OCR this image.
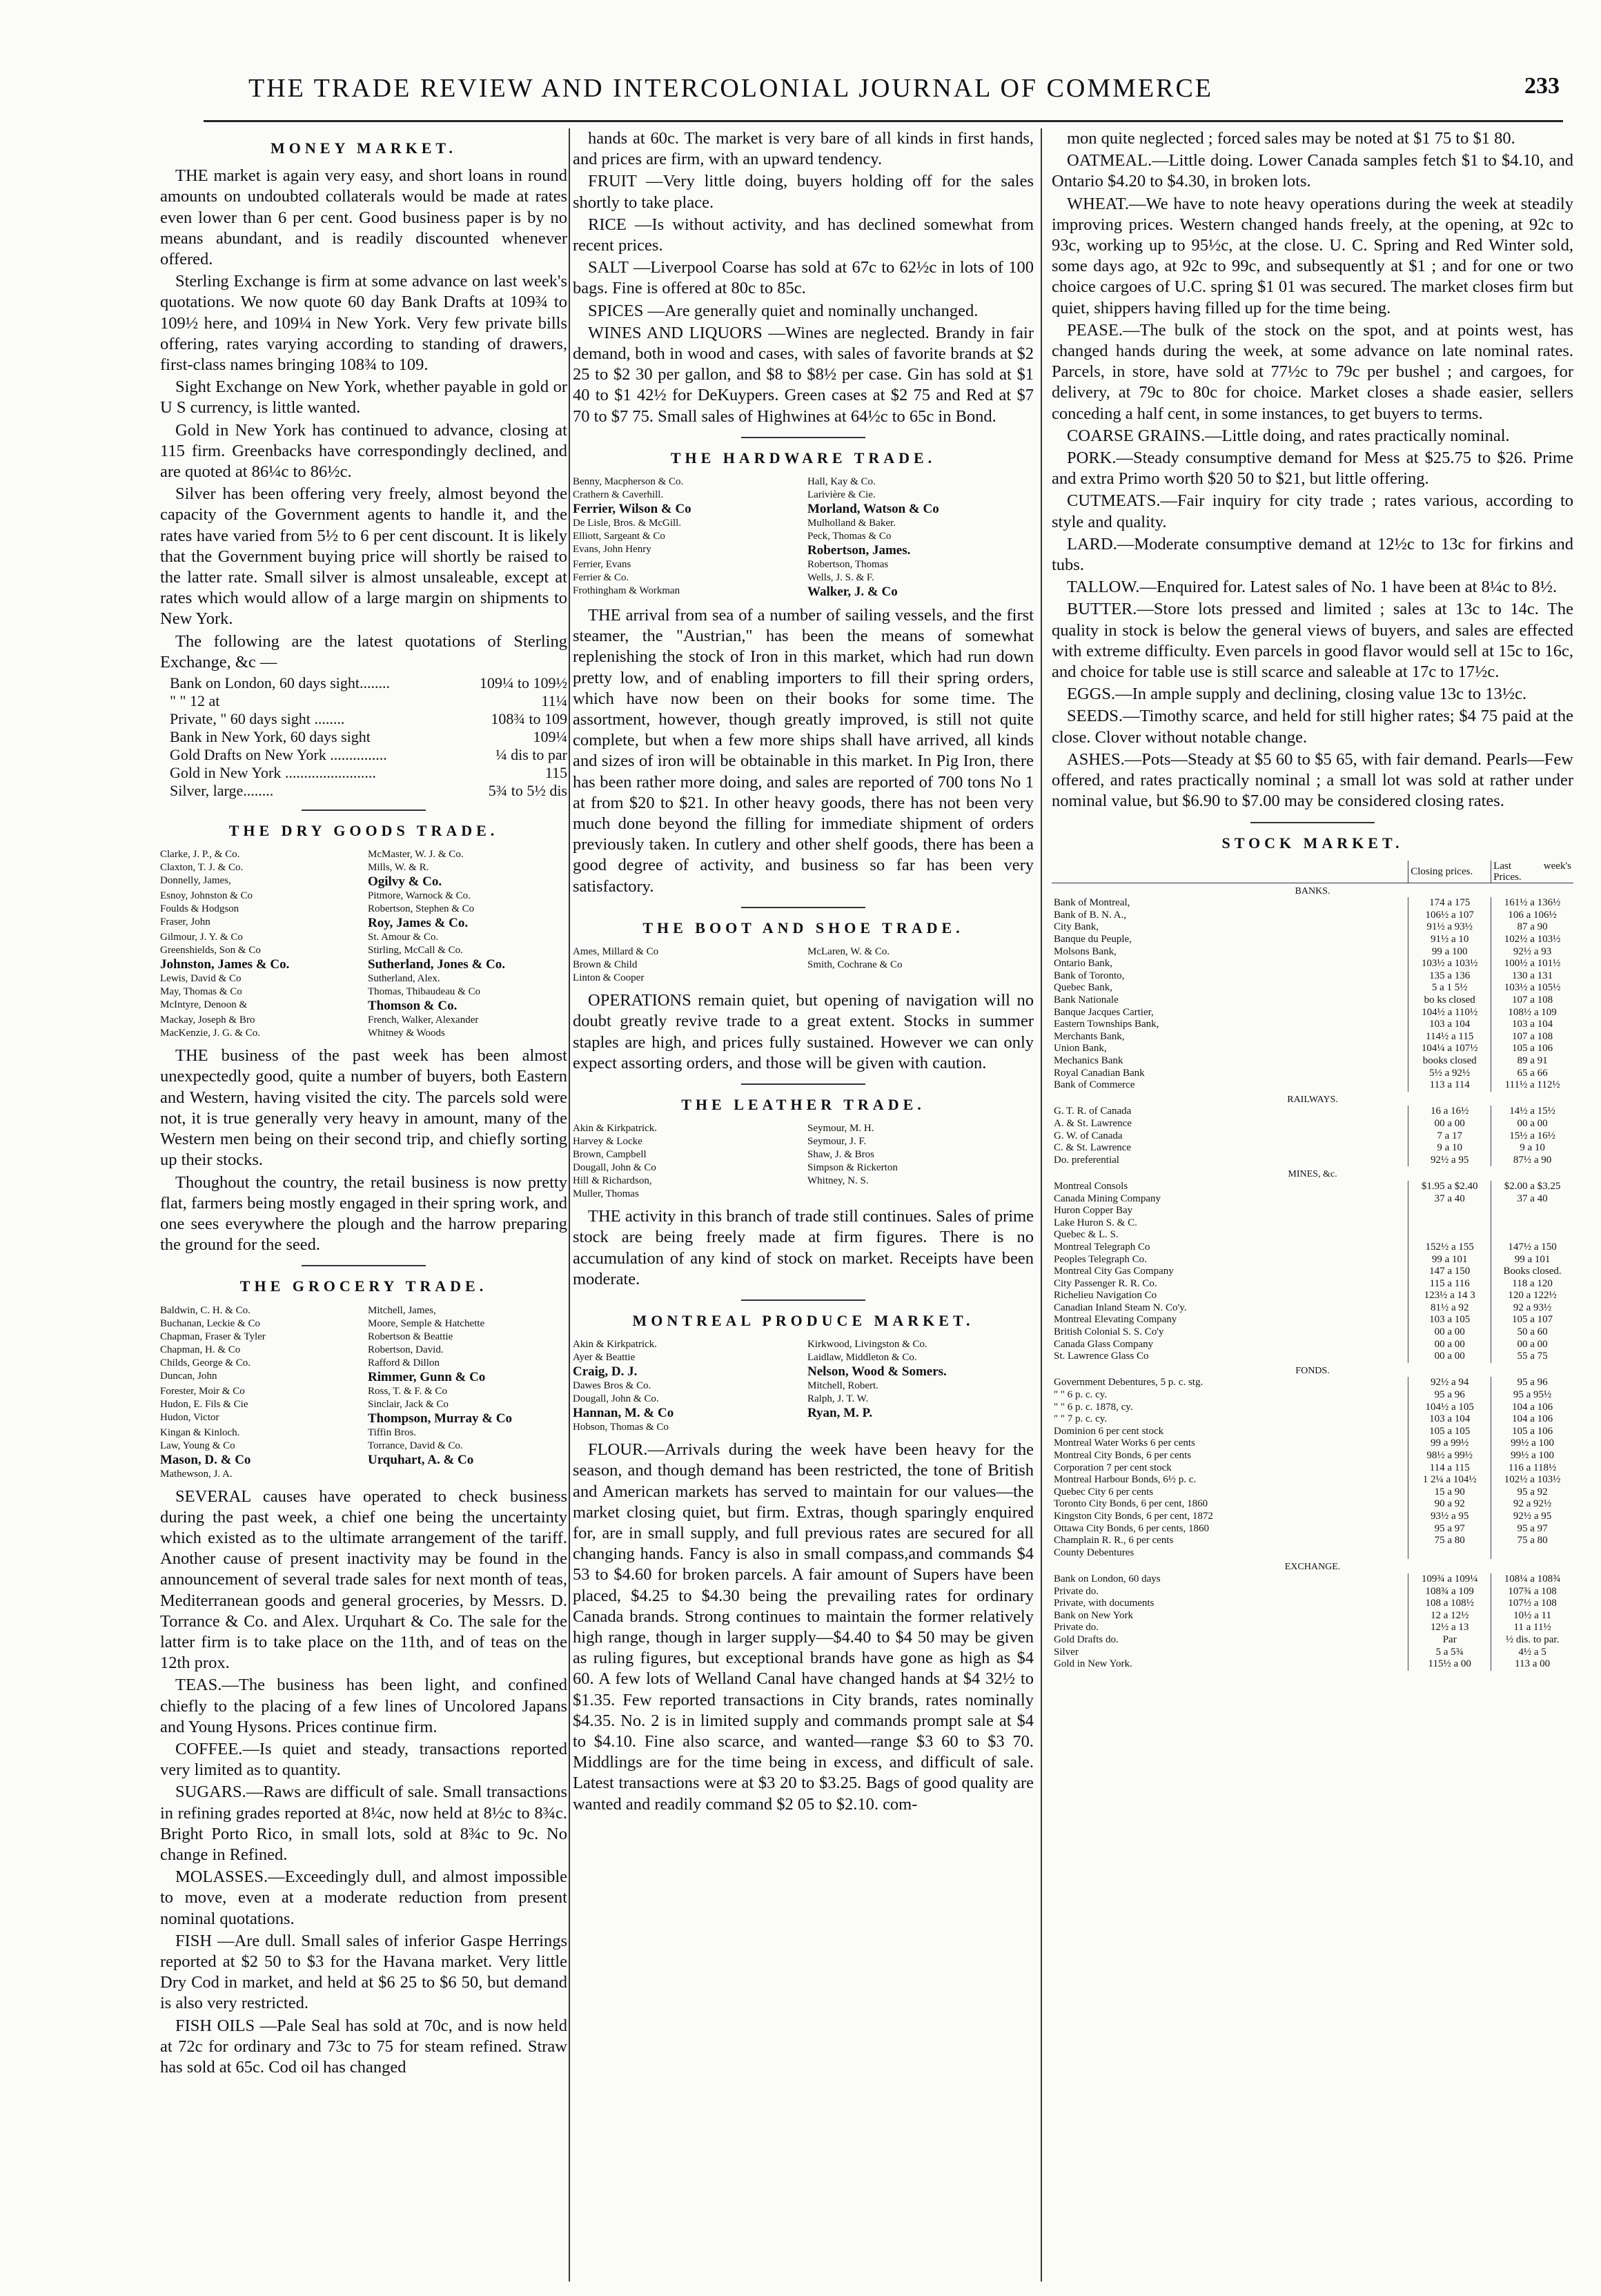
THE TRADE REVIEW AND INTERCOLONIAL JOURNAL OF COMMERCE	233
MONEY MARKET.

THE market is again very easy, and short loans in round amounts on undoubted collaterals would be made at rates even lower than 6 per cent. Good business paper is by no means abundant, and is readily discounted whenever offered.

Sterling Exchange is firm at some advance on last week's quotations. We now quote 60 day Bank Drafts at 109¾ to 109½ here, and 109¼ in New York. Very few private bills offering, rates varying according to standing of drawers, first-class names bringing 108¾ to 109.

Sight Exchange on New York, whether payable in gold or U S currency, is little wanted.

Gold in New York has continued to advance, closing at 115 firm. Greenbacks have correspondingly declined, and are quoted at 86¼c to 86½c.

Silver has been offering very freely, almost beyond the capacity of the Government agents to handle it, and the rates have varied from 5½ to 6 per cent discount. It is likely that the Government buying price will shortly be raised to the latter rate. Small silver is almost unsaleable, except at rates which would allow of a large margin on shipments to New York.

The following are the latest quotations of Sterling Exchange, &c —

Bank on London, 60 days sight........	109¼ to 109½
" " 12 at	11¼
Private, " 60 days sight ........	108¾ to 109
Bank in New York, 60 days sight	109¼
Gold Drafts on New York ...............	¼ dis to par
Gold in New York ........................	115
Silver, large........	5¾ to 5½ dis
THE DRY GOODS TRADE.
Clarke, J. P., & Co.	McMaster, W. J. & Co.
Claxton, T. J. & Co.	Mills, W. & R.
Donnelly, James,	Ogilvy & Co.
Esnoy, Johnston & Co	Pitmore, Warnock & Co.
Foulds & Hodgson	Robertson, Stephen & Co
Fraser, John	Roy, James & Co.
Gilmour, J. Y. & Co	St. Amour & Co.
Greenshields, Son & Co	Stirling, McCall & Co.
Johnston, James & Co.	Sutherland, Jones & Co.
Lewis, David & Co	Sutherland, Alex.
May, Thomas & Co	Thomas, Thibaudeau & Co
McIntyre, Denoon &	Thomson & Co.
Mackay, Joseph & Bro	French, Walker, Alexander
MacKenzie, J. G. & Co.	Whitney & Woods

THE business of the past week has been almost unexpectedly good, quite a number of buyers, both Eastern and Western, having visited the city. The parcels sold were not, it is true generally very heavy in amount, many of the Western men being on their second trip, and chiefly sorting up their stocks.

Thoughout the country, the retail business is now pretty flat, farmers being mostly engaged in their spring work, and one sees everywhere the plough and the harrow preparing the ground for the seed.

THE GROCERY TRADE.
Baldwin, C. H. & Co.	Mitchell, James,
Buchanan, Leckie & Co	Moore, Semple & Hatchette
Chapman, Fraser & Tyler	Robertson & Beattie
Chapman, H. & Co	Robertson, David.
Childs, George & Co.	Rafford & Dillon
Duncan, John	Rimmer, Gunn & Co
Forester, Moir & Co	Ross, T. & F. & Co
Hudon, E. Fils & Cie	Sinclair, Jack & Co
Hudon, Victor	Thompson, Murray & Co
Kingan & Kinloch.	Tiffin Bros.
Law, Young & Co	Torrance, David & Co.
Mason, D. & Co	Urquhart, A. & Co
Mathewson, J. A.

SEVERAL causes have operated to check business during the past week, a chief one being the uncertainty which existed as to the ultimate arrangement of the tariff. Another cause of present inactivity may be found in the announcement of several trade sales for next month of teas, Mediterranean goods and general groceries, by Messrs. D. Torrance & Co. and Alex. Urquhart & Co. The sale for the latter firm is to take place on the 11th, and of teas on the 12th prox.

TEAS.—The business has been light, and confined chiefly to the placing of a few lines of Uncolored Japans and Young Hysons. Prices continue firm.

COFFEE.—Is quiet and steady, transactions reported very limited as to quantity.

SUGARS.—Raws are difficult of sale. Small transactions in refining grades reported at 8¼c, now held at 8½c to 8¾c. Bright Porto Rico, in small lots, sold at 8¾c to 9c. No change in Refined.

MOLASSES.—Exceedingly dull, and almost impossible to move, even at a moderate reduction from present nominal quotations.

FISH —Are dull. Small sales of inferior Gaspe Herrings reported at $2 50 to $3 for the Havana market. Very little Dry Cod in market, and held at $6 25 to $6 50, but demand is also very restricted.

FISH OILS —Pale Seal has sold at 70c, and is now held at 72c for ordinary and 73c to 75 for steam refined. Straw has sold at 65c. Cod oil has changed

hands at 60c. The market is very bare of all kinds in first hands, and prices are firm, with an upward tendency.

FRUIT —Very little doing, buyers holding off for the sales shortly to take place.

RICE —Is without activity, and has declined somewhat from recent prices.

SALT —Liverpool Coarse has sold at 67c to 62½c in lots of 100 bags. Fine is offered at 80c to 85c.

SPICES —Are generally quiet and nominally unchanged.

WINES AND LIQUORS —Wines are neglected. Brandy in fair demand, both in wood and cases, with sales of favorite brands at $2 25 to $2 30 per gallon, and $8 to $8½ per case. Gin has sold at $1 40 to $1 42½ for DeKuypers. Green cases at $2 75 and Red at $7 70 to $7 75. Small sales of Highwines at 64½c to 65c in Bond.

THE HARDWARE TRADE.
Benny, Macpherson & Co.	Hall, Kay & Co.
Crathern & Caverhill.	Larivière & Cie.
Ferrier, Wilson & Co	Morland, Watson & Co
De Lisle, Bros. & McGill.	Mulholland & Baker.
Elliott, Sargeant & Co	Peck, Thomas & Co
Evans, John Henry	Robertson, James.
Ferrier, Evans	Robertson, Thomas
Ferrier & Co.	Wells, J. S. & F.
Frothingham & Workman	Walker, J. & Co

THE arrival from sea of a number of sailing vessels, and the first steamer, the "Austrian," has been the means of somewhat replenishing the stock of Iron in this market, which had run down pretty low, and of enabling importers to fill their spring orders, which have now been on their books for some time. The assortment, however, though greatly improved, is still not quite complete, but when a few more ships shall have arrived, all kinds and sizes of iron will be obtainable in this market. In Pig Iron, there has been rather more doing, and sales are reported of 700 tons No 1 at from $20 to $21. In other heavy goods, there has not been very much done beyond the filling for immediate shipment of orders previously taken. In cutlery and other shelf goods, there has been a good degree of activity, and business so far has been very satisfactory.

THE BOOT AND SHOE TRADE.
Ames, Millard & Co	McLaren, W. & Co.
Brown & Child	Smith, Cochrane & Co
Linton & Cooper

OPERATIONS remain quiet, but opening of navigation will no doubt greatly revive trade to a great extent. Stocks in summer staples are high, and prices fully sustained. However we can only expect assorting orders, and those will be given with caution.

THE LEATHER TRADE.
Akin & Kirkpatrick.	Seymour, M. H.
Harvey & Locke	Seymour, J. F.
Brown, Campbell	Shaw, J. & Bros
Dougall, John & Co	Simpson & Rickerton
Hill & Richardson,	Whitney, N. S.
Muller, Thomas

THE activity in this branch of trade still continues. Sales of prime stock are being freely made at firm figures. There is no accumulation of any kind of stock on market. Receipts have been moderate.

MONTREAL PRODUCE MARKET.
Akin & Kirkpatrick.	Kirkwood, Livingston & Co.
Ayer & Beattie	Laidlaw, Middleton & Co.
Craig, D. J.	Nelson, Wood & Somers.
Dawes Bros & Co.	Mitchell, Robert.
Dougall, John & Co.	Ralph, J. T. W.
Hannan, M. & Co	Ryan, M. P.
Hobson, Thomas & Co

FLOUR.—Arrivals during the week have been heavy for the season, and though demand has been restricted, the tone of British and American markets has served to maintain for our values—the market closing quiet, but firm. Extras, though sparingly enquired for, are in small supply, and full previous rates are secured for all changing hands. Fancy is also in small compass,and commands $4 53 to $4.60 for broken parcels. A fair amount of Supers have been placed, $4.25 to $4.30 being the prevailing rates for ordinary Canada brands. Strong continues to maintain the former relatively high range, though in larger supply—$4.40 to $4 50 may be given as ruling figures, but exceptional brands have gone as high as $4 60. A few lots of Welland Canal have changed hands at $4 32½ to $1.35. Few reported transactions in City brands, rates nominally $4.35. No. 2 is in limited supply and commands prompt sale at $4 to $4.10. Fine also scarce, and wanted—range $3 60 to $3 70. Middlings are for the time being in excess, and difficult of sale. Latest transactions were at $3 20 to $3.25. Bags of good quality are wanted and readily command $2 05 to $2.10. com-

mon quite neglected ; forced sales may be noted at $1 75 to $1 80.

OATMEAL.—Little doing. Lower Canada samples fetch $1 to $4.10, and Ontario $4.20 to $4.30, in broken lots.

WHEAT.—We have to note heavy operations during the week at steadily improving prices. Western changed hands freely, at the opening, at 92c to 93c, working up to 95½c, at the close. U. C. Spring and Red Winter sold, some days ago, at 92c to 99c, and subsequently at $1 ; and for one or two choice cargoes of U.C. spring $1 01 was secured. The market closes firm but quiet, shippers having filled up for the time being.

PEASE.—The bulk of the stock on the spot, and at points west, has changed hands during the week, at some advance on late nominal rates. Parcels, in store, have sold at 77½c to 79c per bushel ; and cargoes, for delivery, at 79c to 80c for choice. Market closes a shade easier, sellers conceding a half cent, in some instances, to get buyers to terms.

COARSE GRAINS.—Little doing, and rates practically nominal.

PORK.—Steady consumptive demand for Mess at $25.75 to $26. Prime and extra Primo worth $20 50 to $21, but little offering.

CUTMEATS.—Fair inquiry for city trade ; rates various, according to style and quality.

LARD.—Moderate consumptive demand at 12½c to 13c for firkins and tubs.

TALLOW.—Enquired for. Latest sales of No. 1 have been at 8¼c to 8½.

BUTTER.—Store lots pressed and limited ; sales at 13c to 14c. The quality in stock is below the general views of buyers, and sales are effected with extreme difficulty. Even parcels in good flavor would sell at 15c to 16c, and choice for table use is still scarce and saleable at 17c to 17½c.

EGGS.—In ample supply and declining, closing value 13c to 13½c.

SEEDS.—Timothy scarce, and held for still higher rates; $4 75 paid at the close. Clover without notable change.

ASHES.—Pots—Steady at $5 60 to $5 65, with fair demand. Pearls—Few offered, and rates practically nominal ; a small lot was sold at rather under nominal value, but $6.90 to $7.00 may be considered closing rates.

STOCK MARKET.
	Closing prices.	Last week's Prices.
BANKS.		
Bank of Montreal,	174 a 175	161½ a 136½
Bank of B. N. A.,	106½ a 107	106 a 106½
City Bank,	91½ a 93½	87 a 90
Banque du Peuple,	91½ a 10	102½ a 103½
Molsons Bank,	99 a 100	92½ a 93
Ontario Bank,	103½ a 103½	100½ a 101½
Bank of Toronto,	135 a 136	130 a 131
Quebec Bank,	5 a 1 5½	103½ a 105½
Bank Nationale	bo ks closed	107 a 108
Banque Jacques Cartier,	104½ a 110½	108½ a 109
Eastern Townships Bank,	103 a 104	103 a 104
Merchants Bank,	114½ a 115	107 a 108
Union Bank,	104¼ a 107½	105 a 106
Mechanics Bank	books closed	89 a 91
Royal Canadian Bank	5½ a 92½	65 a 66
Bank of Commerce	113 a 114	111½ a 112½
RAILWAYS.		
G. T. R. of Canada	16 a 16½	14½ a 15½
A. & St. Lawrence	00 a 00	00 a 00
G. W. of Canada	7 a 17	15½ a 16½
C. & St. Lawrence	9 a 10	9 a 10
Do. preferential	92½ a 95	87½ a 90
MINES, &c.		
Montreal Consols	$1.95 a $2.40	$2.00 a $3.25
Canada Mining Company	37 a 40	37 a 40
Huron Copper Bay		
Lake Huron S. & C.		
Quebec & L. S.		
Montreal Telegraph Co	152½ a 155	147½ a 150
Peoples Telegraph Co.	99 a 101	99 a 101
Montreal City Gas Company	147 a 150	Books closed.
City Passenger R. R. Co.	115 a 116	118 a 120
Richelieu Navigation Co	123½ a 14 3	120 a 122½
Canadian Inland Steam N. Co'y.	81½ a 92	92 a 93½
Montreal Elevating Company	103 a 105	105 a 107
British Colonial S. S. Co'y	00 a 00	50 a 60
Canada Glass Company	00 a 00	00 a 00
St. Lawrence Glass Co	00 a 00	55 a 75
FONDS.		
Government Debentures, 5 p. c. stg.	92½ a 94	95 a 96
" " 6 p. c. cy.	95 a 96	95 a 95½
" " 6 p. c. 1878, cy.	104½ a 105	104 a 106
" " 7 p. c. cy.	103 a 104	104 a 106
Dominion 6 per cent stock	105 a 105	105 a 106
Montreal Water Works 6 per cents	99 a 99½	99½ a 100
Montreal City Bonds, 6 per cents	98½ a 99½	99½ a 100
Corporation 7 per cent stock	114 a 115	116 a 118½
Montreal Harbour Bonds, 6½ p. c.	1 2¼ a 104½	102½ a 103½
Quebec City 6 per cents	15 a 90	95 a 92
Toronto City Bonds, 6 per cent, 1860	90 a 92	92 a 92½
Kingston City Bonds, 6 per cent, 1872	93½ a 95	92½ a 95
Ottawa City Bonds, 6 per cents, 1860	95 a 97	95 a 97
Champlain R. R., 6 per cents	75 a 80	75 a 80
County Debentures		
EXCHANGE.		
Bank on London, 60 days	109¾ a 109¼	108¼ a 108¾
Private do.	108¾ a 109	107¾ a 108
Private, with documents	108 a 108½	107½ a 108
Bank on New York	12 a 12½	10½ a 11
Private do.	12½ a 13	11 a 11½
Gold Drafts do.	Par	½ dis. to par.
Silver	5 a 5¾	4½ a 5
Gold in New York.	115½ a 00	113 a 00
